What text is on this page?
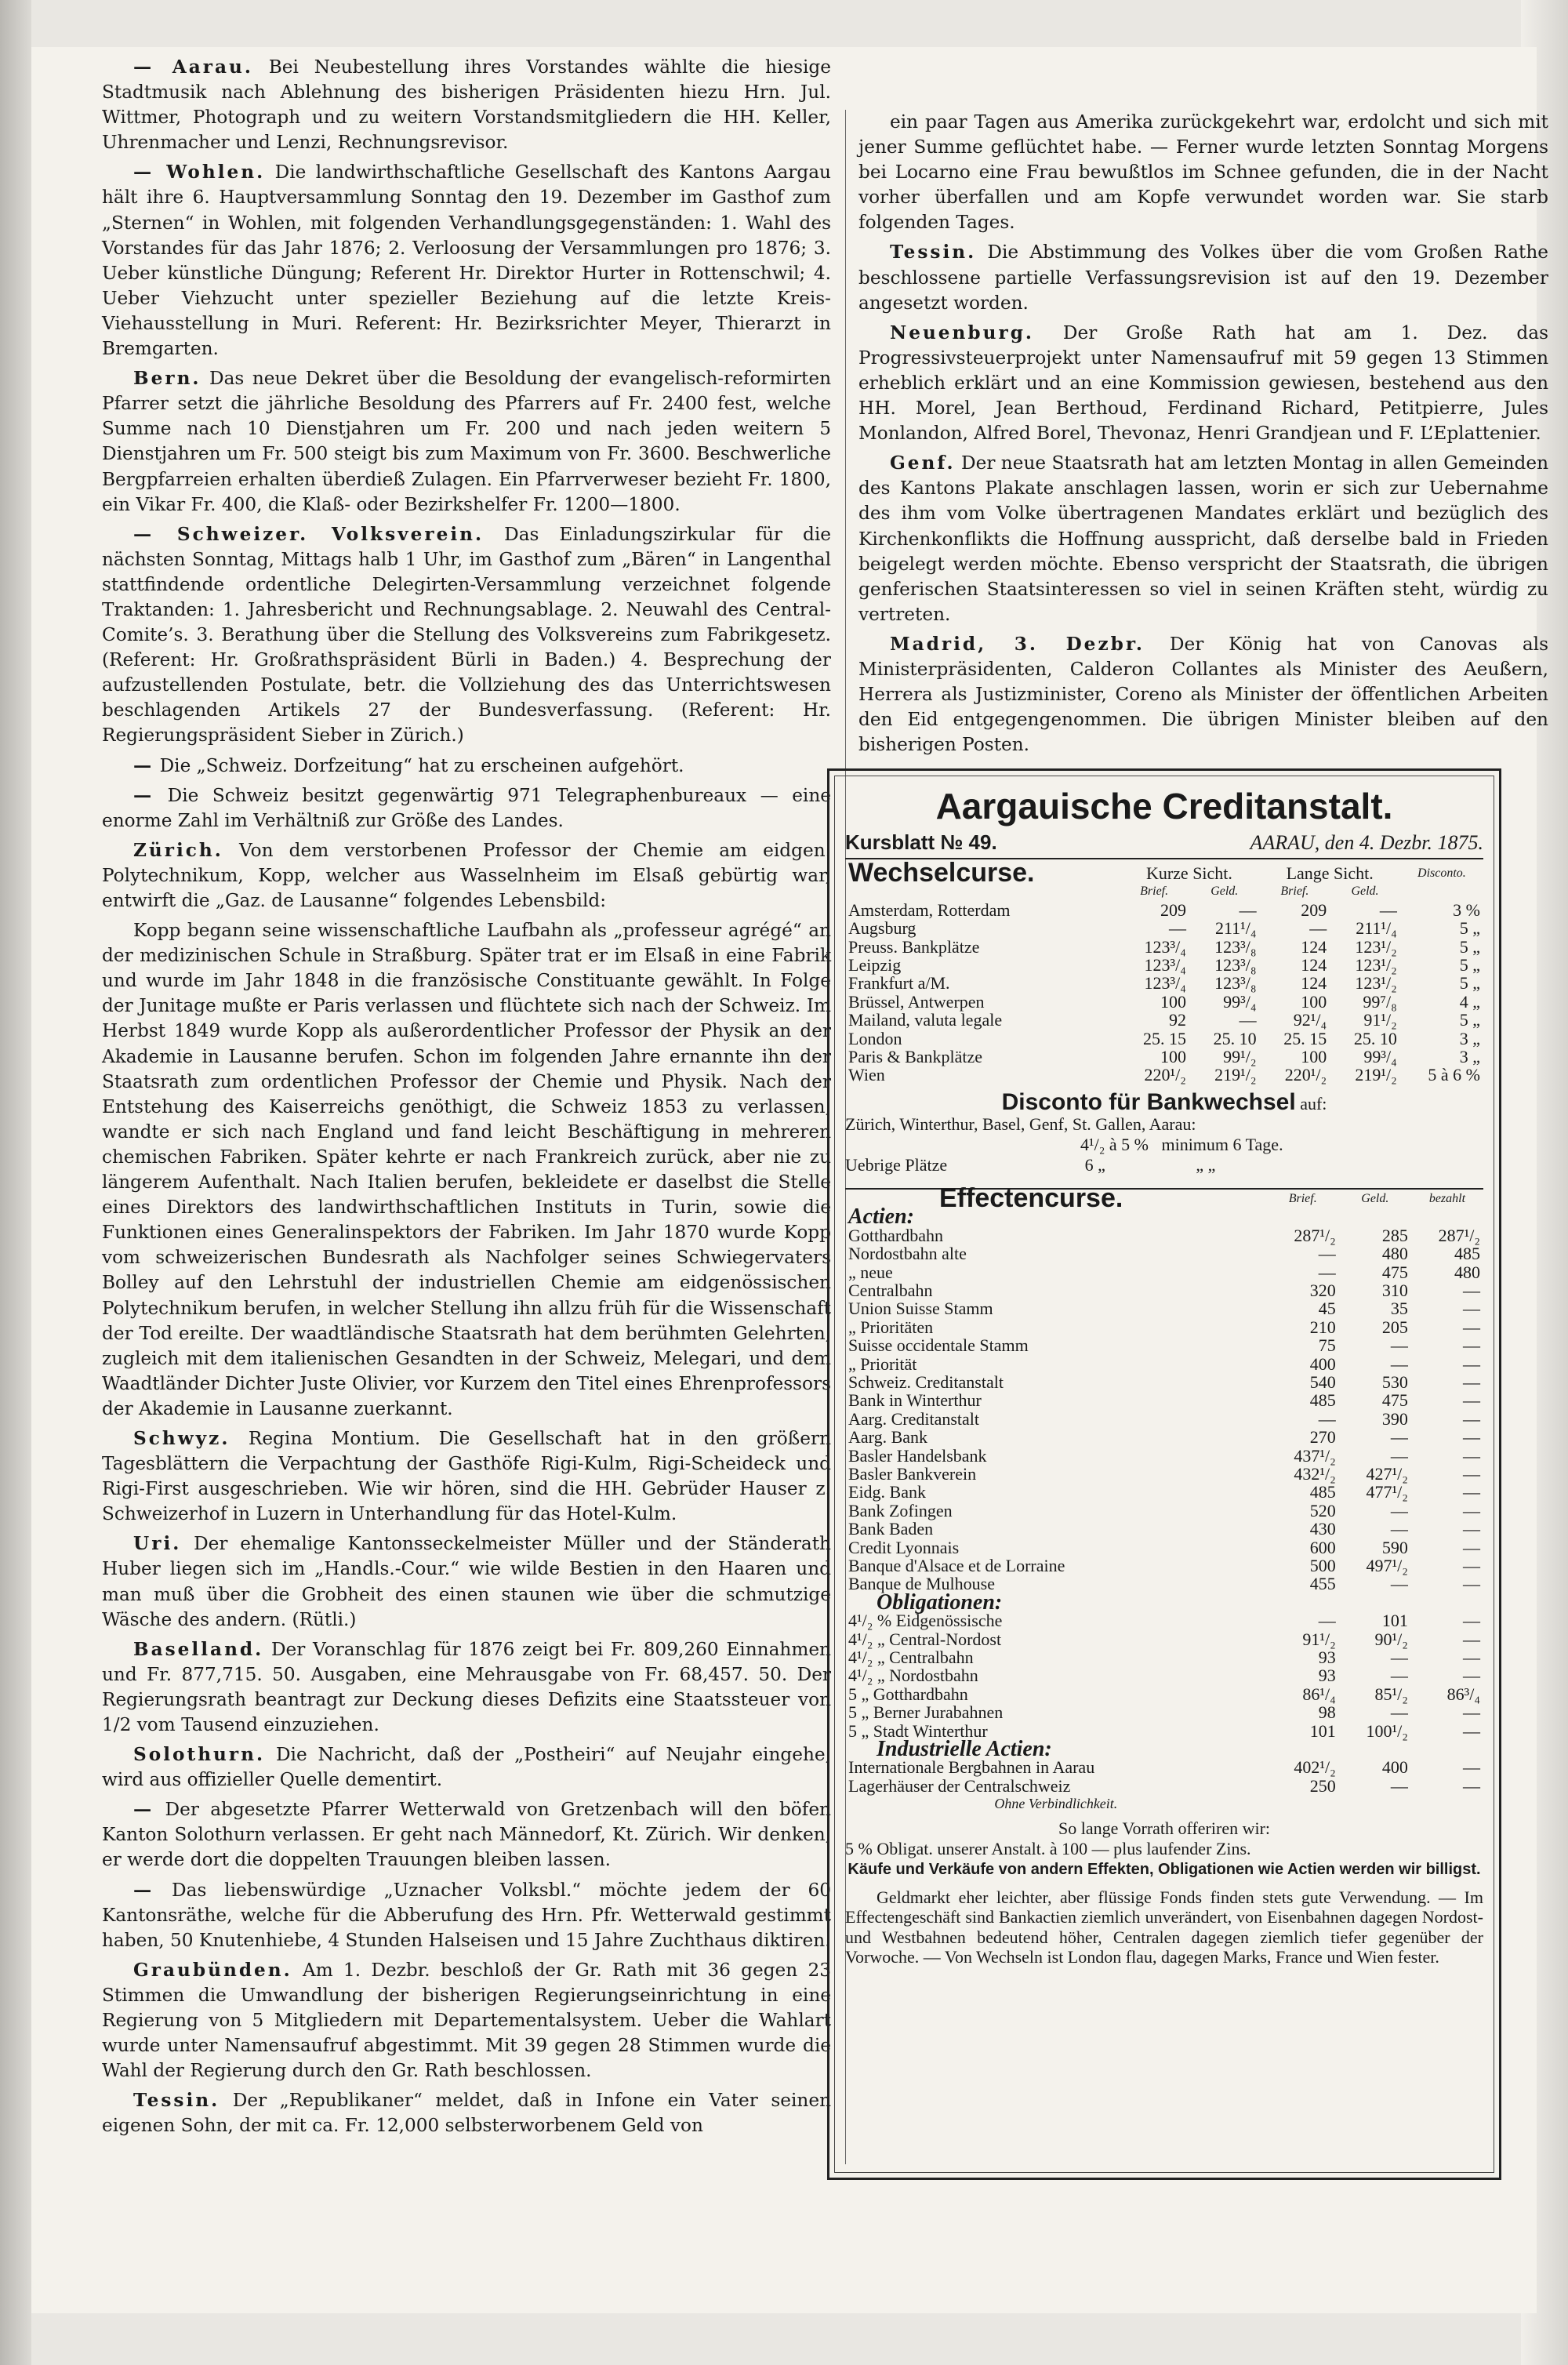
— Aarau. Bei Neubestellung ihres Vorstandes wählte die hiesige Stadtmusik nach Ablehnung des bisherigen Präsidenten hiezu Hrn. Jul. Wittmer, Photograph und zu weitern Vorstandsmitgliedern die HH. Keller, Uhrenmacher und Lenzi, Rechnungsrevisor.

— Wohlen. Die landwirthschaftliche Gesellschaft des Kantons Aargau hält ihre 6. Hauptversammlung Sonntag den 19. Dezember im Gasthof zum „Sternen“ in Wohlen, mit folgenden Verhandlungsgegenständen: 1. Wahl des Vorstandes für das Jahr 1876; 2. Verloosung der Versammlungen pro 1876; 3. Ueber künstliche Düngung; Referent Hr. Direktor Hurter in Rottenschwil; 4. Ueber Viehzucht unter spezieller Beziehung auf die letzte Kreis-Viehausstellung in Muri. Referent: Hr. Bezirksrichter Meyer, Thierarzt in Bremgarten.

Bern. Das neue Dekret über die Besoldung der evangelisch-reformirten Pfarrer setzt die jährliche Besoldung des Pfarrers auf Fr. 2400 fest, welche Summe nach 10 Dienstjahren um Fr. 200 und nach jeden weitern 5 Dienstjahren um Fr. 500 steigt bis zum Maximum von Fr. 3600. Beschwerliche Bergpfarreien erhalten überdieß Zulagen. Ein Pfarrverweser bezieht Fr. 1800, ein Vikar Fr. 400, die Klaß- oder Bezirkshelfer Fr. 1200—1800.

— Schweizer. Volksverein. Das Einladungszirkular für die nächsten Sonntag, Mittags halb 1 Uhr, im Gasthof zum „Bären“ in Langenthal stattfindende ordentliche Delegirten-Versammlung verzeichnet folgende Traktanden: 1. Jahresbericht und Rechnungsablage. 2. Neuwahl des Central-Comite’s. 3. Berathung über die Stellung des Volksvereins zum Fabrikgesetz. (Referent: Hr. Großrathspräsident Bürli in Baden.) 4. Besprechung der aufzustellenden Postulate, betr. die Vollziehung des das Unterrichtswesen beschlagenden Artikels 27 der Bundesverfassung. (Referent: Hr. Regierungspräsident Sieber in Zürich.)

— Die „Schweiz. Dorfzeitung“ hat zu erscheinen aufgehört.

— Die Schweiz besitzt gegenwärtig 971 Telegraphenbureaux — eine enorme Zahl im Verhältniß zur Größe des Landes.

Zürich. Von dem verstorbenen Professor der Chemie am eidgen. Polytechnikum, Kopp, welcher aus Wasselnheim im Elsaß gebürtig war, entwirft die „Gaz. de Lausanne“ folgendes Lebensbild:

Kopp begann seine wissenschaftliche Laufbahn als „professeur agrégé“ an der medizinischen Schule in Straßburg. Später trat er im Elsaß in eine Fabrik und wurde im Jahr 1848 in die französische Constituante gewählt. In Folge der Junitage mußte er Paris verlassen und flüchtete sich nach der Schweiz. Im Herbst 1849 wurde Kopp als außerordentlicher Professor der Physik an der Akademie in Lausanne berufen. Schon im folgenden Jahre ernannte ihn der Staatsrath zum ordentlichen Professor der Chemie und Physik. Nach der Entstehung des Kaiserreichs genöthigt, die Schweiz 1853 zu verlassen, wandte er sich nach England und fand leicht Beschäftigung in mehreren chemischen Fabriken. Später kehrte er nach Frankreich zurück, aber nie zu längerem Aufenthalt. Nach Italien berufen, bekleidete er daselbst die Stelle eines Direktors des landwirthschaftlichen Instituts in Turin, sowie die Funktionen eines Generalinspektors der Fabriken. Im Jahr 1870 wurde Kopp vom schweizerischen Bundesrath als Nachfolger seines Schwiegervaters Bolley auf den Lehrstuhl der industriellen Chemie am eidgenössischen Polytechnikum berufen, in welcher Stellung ihn allzu früh für die Wissenschaft der Tod ereilte. Der waadtländische Staatsrath hat dem berühmten Gelehrten, zugleich mit dem italienischen Gesandten in der Schweiz, Melegari, und dem Waadtländer Dichter Juste Olivier, vor Kurzem den Titel eines Ehrenprofessors der Akademie in Lausanne zuerkannt.

Schwyz. Regina Montium. Die Gesellschaft hat in den größern Tagesblättern die Verpachtung der Gasthöfe Rigi-Kulm, Rigi-Scheideck und Rigi-First ausgeschrieben. Wie wir hören, sind die HH. Gebrüder Hauser z. Schweizerhof in Luzern in Unterhandlung für das Hotel-Kulm.

Uri. Der ehemalige Kantonsseckelmeister Müller und der Ständerath Huber liegen sich im „Handls.-Cour.“ wie wilde Bestien in den Haaren und man muß über die Grobheit des einen staunen wie über die schmutzige Wäsche des andern. (Rütli.)

Baselland. Der Voranschlag für 1876 zeigt bei Fr. 809,260 Einnahmen und Fr. 877,715. 50. Ausgaben, eine Mehrausgabe von Fr. 68,457. 50. Der Regierungsrath beantragt zur Deckung dieses Defizits eine Staatssteuer von 1/2 vom Tausend einzuziehen.

Solothurn. Die Nachricht, daß der „Postheiri“ auf Neujahr eingehe, wird aus offizieller Quelle dementirt.

— Der abgesetzte Pfarrer Wetterwald von Gretzenbach will den böfen Kanton Solothurn verlassen. Er geht nach Männedorf, Kt. Zürich. Wir denken, er werde dort die doppelten Trauungen bleiben lassen.

— Das liebenswürdige „Uznacher Volksbl.“ möchte jedem der 60 Kantonsräthe, welche für die Abberufung des Hrn. Pfr. Wetterwald gestimmt haben, 50 Knutenhiebe, 4 Stunden Halseisen und 15 Jahre Zuchthaus diktiren.

Graubünden. Am 1. Dezbr. beschloß der Gr. Rath mit 36 gegen 23 Stimmen die Umwandlung der bisherigen Regierungseinrichtung in eine Regierung von 5 Mitgliedern mit Departementalsystem. Ueber die Wahlart wurde unter Namensaufruf abgestimmt. Mit 39 gegen 28 Stimmen wurde die Wahl der Regierung durch den Gr. Rath beschlossen.

Tessin. Der „Republikaner“ meldet, daß in Infone ein Vater seinen eigenen Sohn, der mit ca. Fr. 12,000 selbsterworbenem Geld von

ein paar Tagen aus Amerika zurückgekehrt war, erdolcht und sich mit jener Summe geflüchtet habe. — Ferner wurde letzten Sonntag Morgens bei Locarno eine Frau bewußtlos im Schnee gefunden, die in der Nacht vorher überfallen und am Kopfe verwundet worden war. Sie starb folgenden Tages.

Tessin. Die Abstimmung des Volkes über die vom Großen Rathe beschlossene partielle Verfassungsrevision ist auf den 19. Dezember angesetzt worden.

Neuenburg. Der Große Rath hat am 1. Dez. das Progressivsteuerprojekt unter Namensaufruf mit 59 gegen 13 Stimmen erheblich erklärt und an eine Kommission gewiesen, bestehend aus den HH. Morel, Jean Berthoud, Ferdinand Richard, Petitpierre, Jules Monlandon, Alfred Borel, Thevonaz, Henri Grandjean und F. L’Eplattenier.

Genf. Der neue Staatsrath hat am letzten Montag in allen Gemeinden des Kantons Plakate anschlagen lassen, worin er sich zur Uebernahme des ihm vom Volke übertragenen Mandates erklärt und bezüglich des Kirchenkonflikts die Hoffnung ausspricht, daß derselbe bald in Frieden beigelegt werden möchte. Ebenso verspricht der Staatsrath, die übrigen genferischen Staatsinteressen so viel in seinen Kräften steht, würdig zu vertreten.

Madrid, 3. Dezbr. Der König hat von Canovas als Ministerpräsidenten, Calderon Collantes als Minister des Aeußern, Herrera als Justizminister, Coreno als Minister der öffentlichen Arbeiten den Eid entgegengenommen. Die übrigen Minister bleiben auf den bisherigen Posten.

Aargauische Creditanstalt.
Kursblatt № 49.	AARAU, den 4. Dezbr. 1875.
Wechselcurse.	Kurze Sicht.		Lange Sicht.		Disconto.
	Brief.	Geld.	Brief.	Geld.	
Amsterdam, Rotterdam	209	—	209	—	3 %
Augsburg	—	211¹/₄	—	211¹/₄	5 „
Preuss. Bankplätze	123³/₄	123³/₈	124	123¹/₂	5 „
Leipzig	123³/₄	123³/₈	124	123¹/₂	5 „
Frankfurt a/M.	123³/₄	123³/₈	124	123¹/₂	5 „
Brüssel, Antwerpen	100	99³/₄	100	99⁷/₈	4 „
Mailand, valuta legale	92	—	92¹/₄	91¹/₂	5 „
London	25. 15	25. 10	25. 15	25. 10	3 „
Paris & Bankplätze	100	99¹/₂	100	99³/₄	3 „
Wien	220¹/₂	219¹/₂	220¹/₂	219¹/₂	5 à 6 %
Disconto für Bankwechsel auf:
Zürich, Winterthur, Basel, Genf, St. Gallen, Aarau:
4¹/₂ à 5 % minimum 6 Tage.
Uebrige Plätze	6 „	„ „
Effectencurse.	Brief.	Geld.	bezahlt
Actien:			
Gotthardbahn	287¹/₂	285	287¹/₂
Nordostbahn alte	—	480	485
„ neue	—	475	480
Centralbahn	320	310	—
Union Suisse Stamm	45	35	—
„ Prioritäten	210	205	—
Suisse occidentale Stamm	75	—	—
„ Priorität	400	—	—
Schweiz. Creditanstalt	540	530	—
Bank in Winterthur	485	475	—
Aarg. Creditanstalt	—	390	—
Aarg. Bank	270	—	—
Basler Handelsbank	437¹/₂	—	—
Basler Bankverein	432¹/₂	427¹/₂	—
Eidg. Bank	485	477¹/₂	—
Bank Zofingen	520	—	—
Bank Baden	430	—	—
Credit Lyonnais	600	590	—
Banque d'Alsace et de Lorraine	500	497¹/₂	—
Banque de Mulhouse	455	—	—
Obligationen:			
4¹/₂ % Eidgenössische	—	101	—
4¹/₂ „ Central-Nordost	91¹/₂	90¹/₂	—
4¹/₂ „ Centralbahn	93	—	—
4¹/₂ „ Nordostbahn	93	—	—
5 „ Gotthardbahn	86¹/₄	85¹/₂	86³/₄
5 „ Berner Jurabahnen	98	—	—
5 „ Stadt Winterthur	101	100¹/₂	—
Industrielle Actien:			
Internationale Bergbahnen in Aarau	402¹/₂	400	—
Lagerhäuser der Centralschweiz	250	—	—
Ohne Verbindlichkeit.			
So lange Vorrath offeriren wir:
5 % Obligat. unserer Anstalt. à 100 — plus laufender Zins.
Käufe und Verkäufe von andern Effekten, Obligationen wie Actien werden wir billigst.
Geldmarkt eher leichter, aber flüssige Fonds finden stets gute Verwendung. — Im Effectengeschäft sind Bankactien ziemlich unverändert, von Eisenbahnen dagegen Nordost- und Westbahnen bedeutend höher, Centralen dagegen ziemlich tiefer gegenüber der Vorwoche. — Von Wechseln ist London flau, dagegen Marks, France und Wien fester.
